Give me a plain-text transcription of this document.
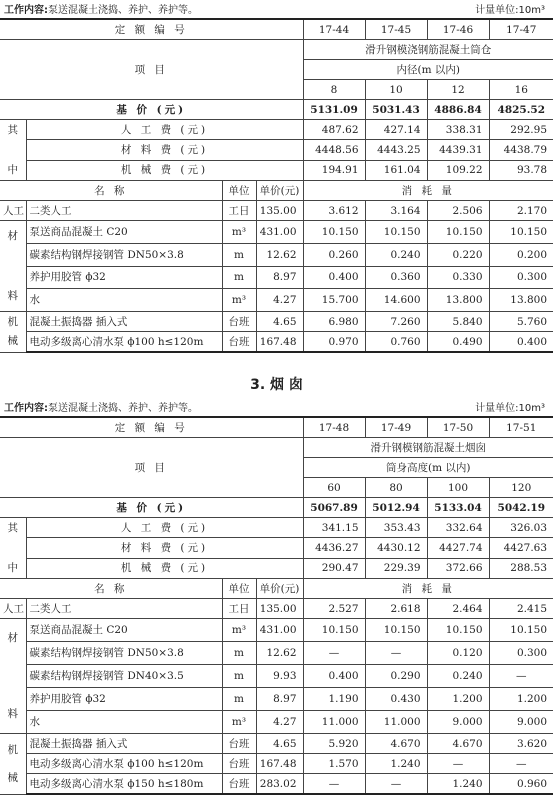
工作内容:泵送混凝土浇捣、养护、养护等。	计量单位:10m³
定 额 编 号				17-44	17-45	17-46	17-47
项 目				滑升钢模浇钢筋混凝土筒仓			
				内径(m 以内)			
				8	10	12	16
基 价 (元)				5131.09	5031.43	4886.84	4825.52
其

中	人 工 费 (元)			487.62	427.14	338.31	292.95
	材 料 费 (元)			4448.56	4443.25	4439.31	4438.79
	机 械 费 (元)			194.91	161.04	109.22	93.78
名 称		单位	单价(元)	消 耗 量			
人工	二类人工	工日	135.00	3.612	3.164	2.506	2.170
材

料	泵送商品混凝土 C20	m³	431.00	10.150	10.150	10.150	10.150
	碳素结构钢焊接钢管 DN50×3.8	m	12.62	0.260	0.240	0.220	0.200
	养护用胶管 ϕ32	m	8.97	0.400	0.360	0.330	0.300
	水	m³	4.27	15.700	14.600	13.800	13.800
机
械	混凝土振捣器 插入式	台班	4.65	6.980	7.260	5.840	5.760
	电动多级离心清水泵 ϕ100 h≤120m	台班	167.48	0.970	0.760	0.490	0.400
3. 烟 囱
工作内容:泵送混凝土浇捣、养护、养护等。	计量单位:10m³
定 额 编 号				17-48	17-49	17-50	17-51
项 目				滑升钢模钢筋混凝土烟囱			
				筒身高度(m 以内)			
				60	80	100	120
基 价 (元)				5067.89	5012.94	5133.04	5042.19
其

中	人 工 费 (元)			341.15	353.43	332.64	326.03
	材 料 费 (元)			4436.27	4430.12	4427.74	4427.63
	机 械 费 (元)			290.47	229.39	372.66	288.53
名 称		单位	单价(元)	消 耗 量			
人工	二类人工	工日	135.00	2.527	2.618	2.464	2.415
材

料	泵送商品混凝土 C20	m³	431.00	10.150	10.150	10.150	10.150
	碳素结构钢焊接钢管 DN50×3.8	m	12.62	—	—	0.120	0.300
	碳素结构钢焊接钢管 DN40×3.5	m	9.93	0.400	0.290	0.240	—
	养护用胶管 ϕ32	m	8.97	1.190	0.430	1.200	1.200
	水	m³	4.27	11.000	11.000	9.000	9.000
机
械	混凝土振捣器 插入式	台班	4.65	5.920	4.670	4.670	3.620
	电动多级离心清水泵 ϕ100 h≤120m	台班	167.48	1.570	1.240	—	—
	电动多级离心清水泵 ϕ150 h≤180m	台班	283.02	—	—	1.240	0.960
